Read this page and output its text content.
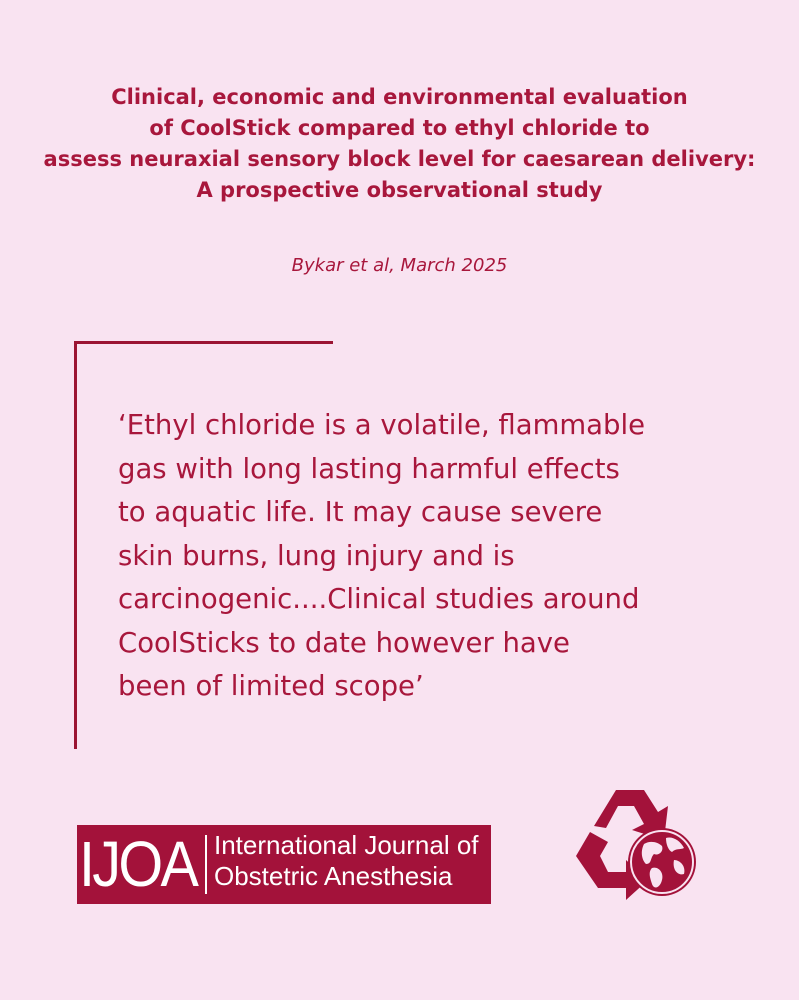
Clinical, economic and environmental evaluation
of CoolStick compared to ethyl chloride to
assess neuraxial sensory block level for caesarean delivery:
A prospective observational study
Bykar et al, March 2025
‘Ethyl chloride is a volatile, flammable
gas with long lasting harmful effects
to aquatic life. It may cause severe
skin burns, lung injury and is
carcinogenic....Clinical studies around
CoolSticks to date however have
been of limited scope’
IJOA International Journal of
Obstetric Anesthesia
